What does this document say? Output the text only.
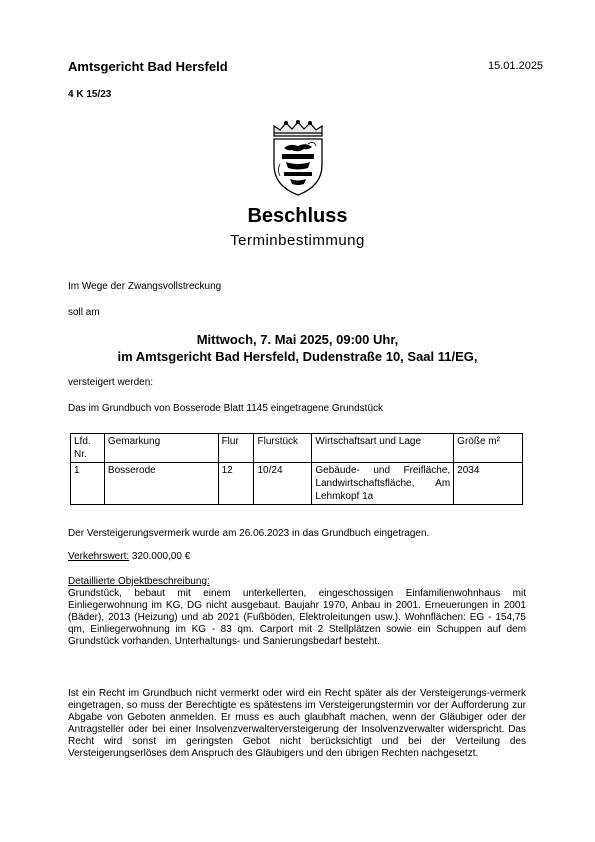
Amtsgericht Bad Hersfeld	15.01.2025
4 K 15/23
Beschluss
Terminbestimmung
Im Wege der Zwangsvollstreckung
soll am
Mittwoch, 7. Mai 2025, 09:00 Uhr,
im Amtsgericht Bad Hersfeld, Dudenstraße 10, Saal 11/EG,
versteigert werden:
Das im Grundbuch von Bosserode Blatt 1145 eingetragene Grundstück
Lfd. Nr.	Gemarkung	Flur	Flurstück	Wirtschaftsart und Lage	Größe m²
1	Bosserode	12	10/24	Gebäude- und Freifläche, Landwirtschaftsfläche, Am Lehmkopf 1a	2034
Der Versteigerungsvermerk wurde am 26.06.2023 in das Grundbuch eingetragen.
Verkehrswert: 320.000,00 €
Detaillierte Objektbeschreibung:
Grundstück, bebaut mit einem unterkellerten, eingeschossigen Einfamilienwohnhaus mit Einliegerwohnung im KG, DG nicht ausgebaut. Baujahr 1970, Anbau in 2001. Erneuerungen in 2001 (Bäder), 2013 (Heizung) und ab 2021 (Fußböden, Elektroleitungen usw.). Wohnflächen: EG - 154,75 qm, Einliegerwohnung im KG - 83 qm. Carport mit 2 Stellplätzen sowie ein Schuppen auf dem Grundstück vorhanden. Unterhaltungs- und Sanierungsbedarf besteht.
Ist ein Recht im Grundbuch nicht vermerkt oder wird ein Recht später als der Versteigerungs-vermerk eingetragen, so muss der Berechtigte es spätestens im Versteigerungstermin vor der Aufforderung zur Abgabe von Geboten anmelden. Er muss es auch glaubhaft machen, wenn der Gläubiger oder der Antragsteller oder bei einer Insolvenzverwalterversteigerung der Insolvenzverwalter widerspricht. Das Recht wird sonst im geringsten Gebot nicht berücksichtigt und bei der Verteilung des Versteigerungserlöses dem Anspruch des Gläubigers und den übrigen Rechten nachgesetzt.
